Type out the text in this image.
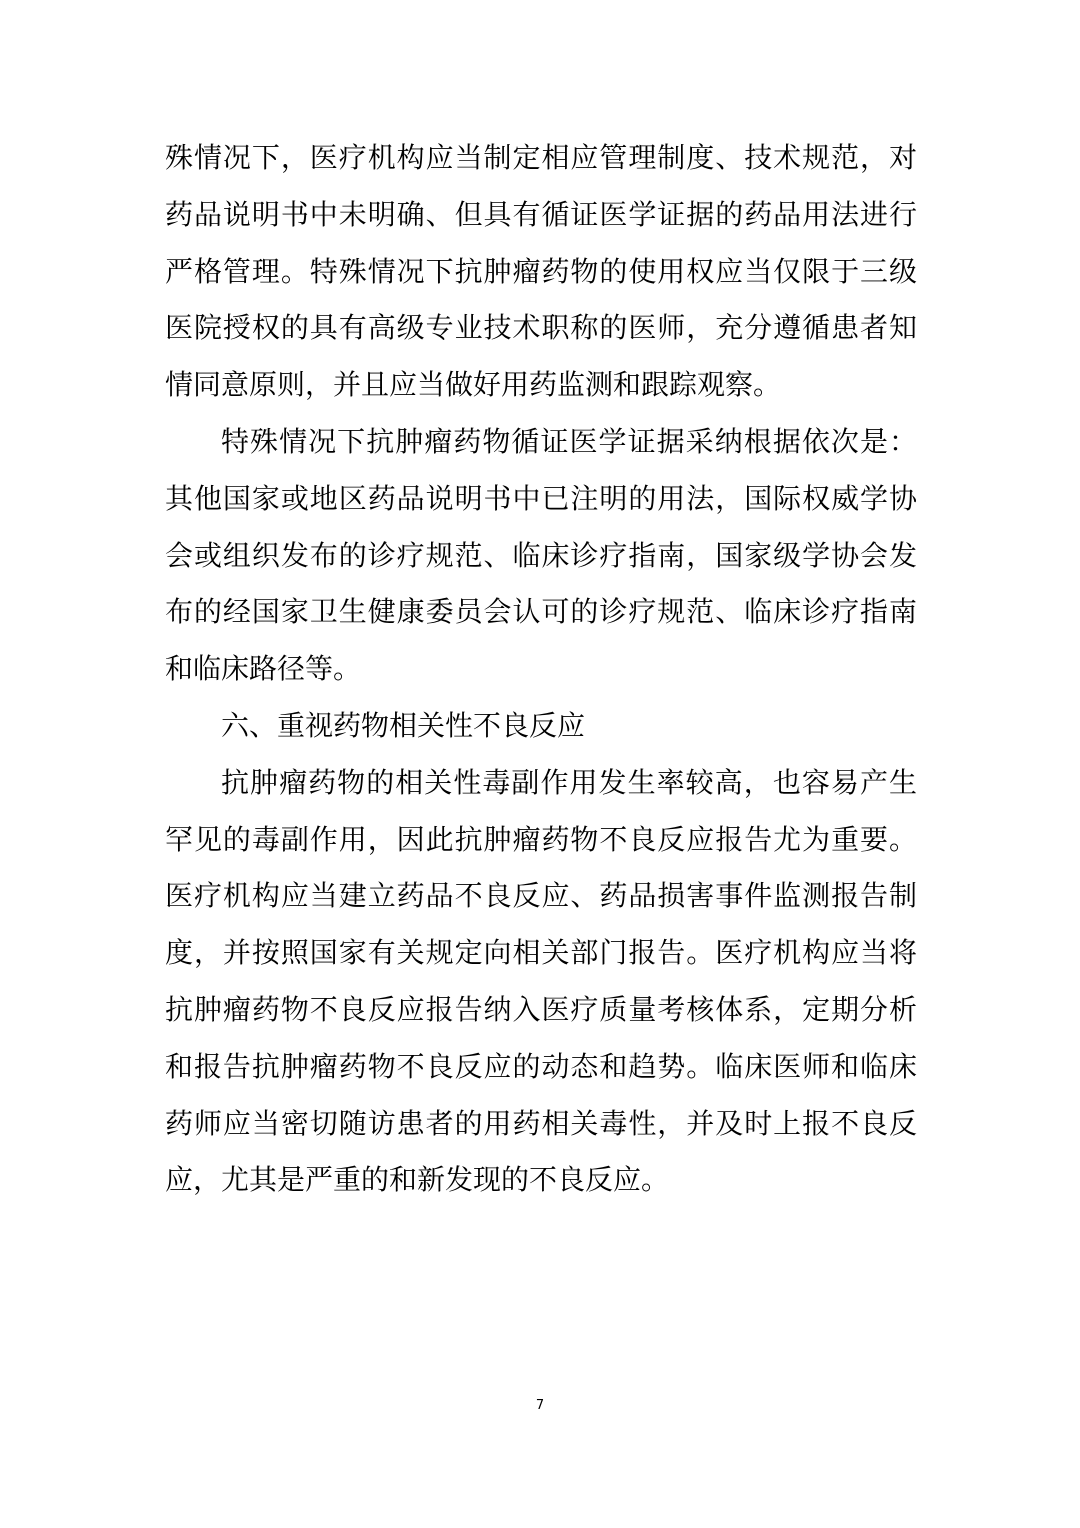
殊情况下，医疗机构应当制定相应管理制度、技术规范，对
药品说明书中未明确、但具有循证医学证据的药品用法进行
严格管理。特殊情况下抗肿瘤药物的使用权应当仅限于三级
医院授权的具有高级专业技术职称的医师，充分遵循患者知
情同意原则，并且应当做好用药监测和跟踪观察。
特殊情况下抗肿瘤药物循证医学证据采纳根据依次是：
其他国家或地区药品说明书中已注明的用法，国际权威学协
会或组织发布的诊疗规范、临床诊疗指南，国家级学协会发
布的经国家卫生健康委员会认可的诊疗规范、临床诊疗指南
和临床路径等。
六、重视药物相关性不良反应
抗肿瘤药物的相关性毒副作用发生率较高，也容易产生
罕见的毒副作用，因此抗肿瘤药物不良反应报告尤为重要。
医疗机构应当建立药品不良反应、药品损害事件监测报告制
度，并按照国家有关规定向相关部门报告。医疗机构应当将
抗肿瘤药物不良反应报告纳入医疗质量考核体系，定期分析
和报告抗肿瘤药物不良反应的动态和趋势。临床医师和临床
药师应当密切随访患者的用药相关毒性，并及时上报不良反
应，尤其是严重的和新发现的不良反应。
7
